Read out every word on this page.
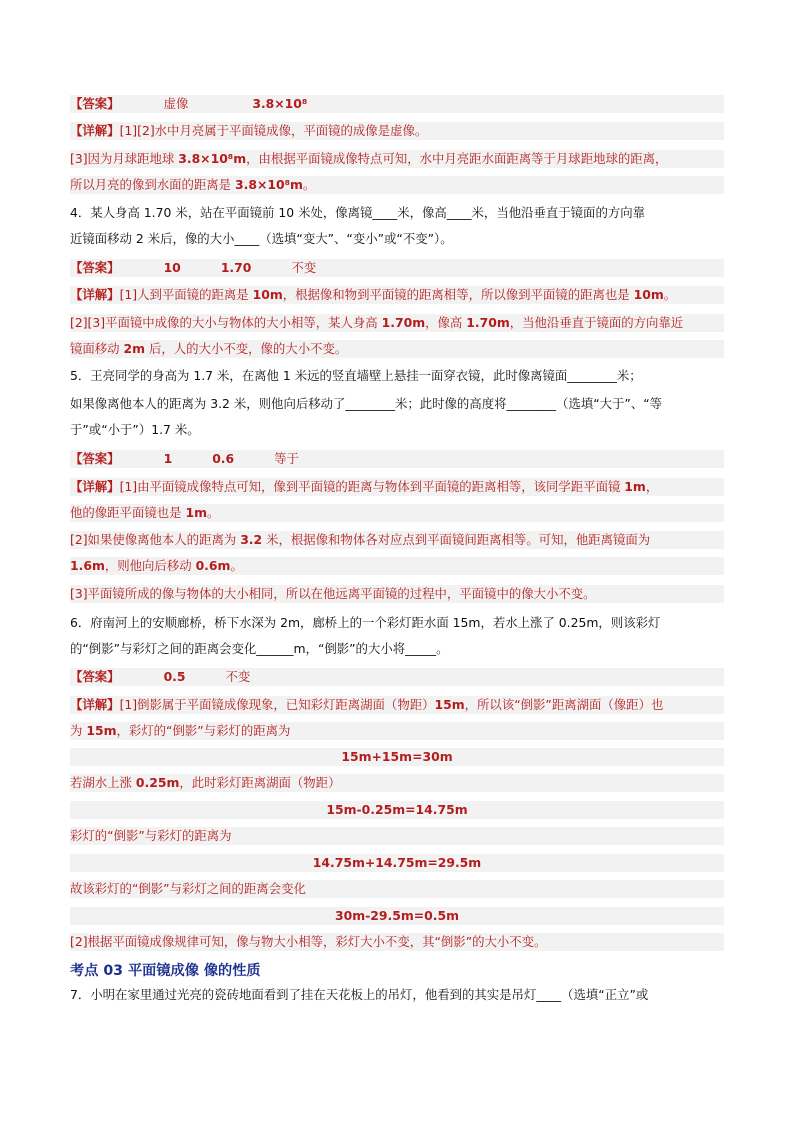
【答案】	虚像	3.8×10⁸
【详解】[1][2]水中月亮属于平面镜成像，平面镜的成像是虚像。
[3]因为月球距地球 3.8×10⁸m，由根据平面镜成像特点可知，水中月亮距水面距离等于月球距地球的距离，
所以月亮的像到水面的距离是 3.8×10⁸m。
4．某人身高 1.70 米，站在平面镜前 10 米处，像离镜____米，像高____米，当他沿垂直于镜面的方向靠
近镜面移动 2 米后，像的大小____（选填“变大”、“变小”或“不变”）。
【答案】	10	1.70	不变
【详解】[1]人到平面镜的距离是 10m，根据像和物到平面镜的距离相等，所以像到平面镜的距离也是 10m。
[2][3]平面镜中成像的大小与物体的大小相等，某人身高 1.70m，像高 1.70m，当他沿垂直于镜面的方向靠近
镜面移动 2m 后，人的大小不变，像的大小不变。
5．王亮同学的身高为 1.7 米，在离他 1 米远的竖直墙壁上悬挂一面穿衣镜，此时像离镜面________米；
如果像离他本人的距离为 3.2 米，则他向后移动了________米；此时像的高度将________（选填“大于”、“等
于”或“小于”）1.7 米。
【答案】	1	0.6	等于
【详解】[1]由平面镜成像特点可知，像到平面镜的距离与物体到平面镜的距离相等，该同学距平面镜 1m，
他的像距平面镜也是 1m。
[2]如果使像离他本人的距离为 3.2 米，根据像和物体各对应点到平面镜间距离相等。可知，他距离镜面为
1.6m，则他向后移动 0.6m。
[3]平面镜所成的像与物体的大小相同，所以在他远离平面镜的过程中，平面镜中的像大小不变。
6．府南河上的安顺廊桥，桥下水深为 2m，廊桥上的一个彩灯距水面 15m，若水上涨了 0.25m，则该彩灯
的“倒影”与彩灯之间的距离会变化______m，“倒影”的大小将_____。
【答案】	0.5	不变
【详解】[1]倒影属于平面镜成像现象，已知彩灯距离湖面（物距）15m，所以该“倒影”距离湖面（像距）也
为 15m，彩灯的“倒影”与彩灯的距离为
15m+15m=30m
若湖水上涨 0.25m，此时彩灯距离湖面（物距）
15m-0.25m=14.75m
彩灯的“倒影”与彩灯的距离为
14.75m+14.75m=29.5m
故该彩灯的“倒影”与彩灯之间的距离会变化
30m-29.5m=0.5m
[2]根据平面镜成像规律可知，像与物大小相等，彩灯大小不变，其“倒影”的大小不变。
考点 03 平面镜成像 像的性质
7．小明在家里通过光亮的瓷砖地面看到了挂在天花板上的吊灯，他看到的其实是吊灯____（选填“正立”或
